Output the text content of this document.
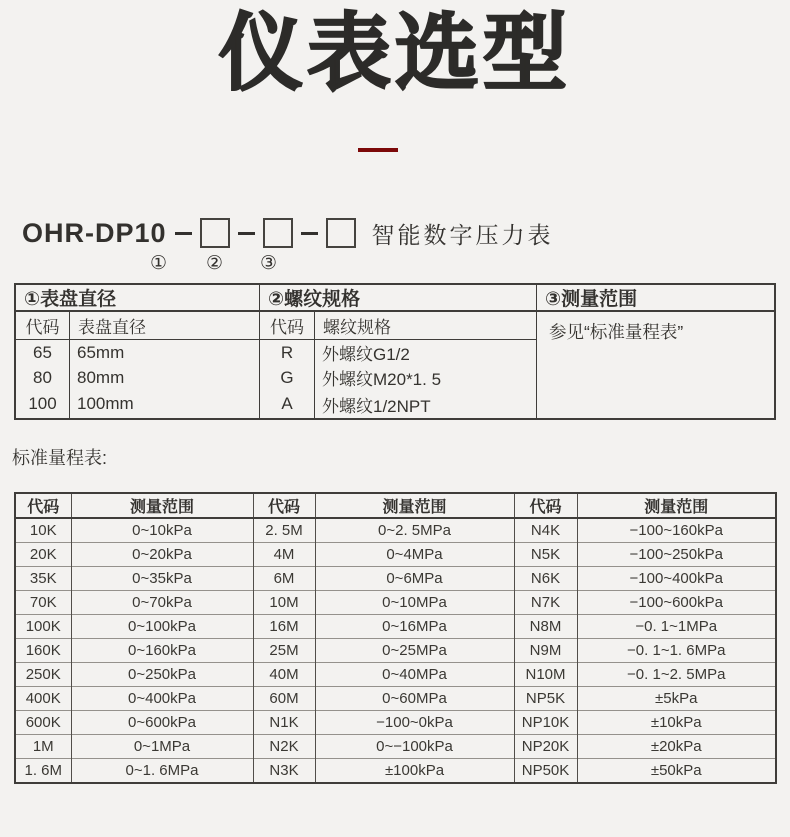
仪表选型
OHR-DP10	智能数字压力表
① ② ③
①表盘直径	②螺纹规格	③测量范围
代码	表盘直径	代码	螺纹规格	参见“标准量程表”
65	65mm	R	外螺纹G1/2
80	80mm	G	外螺纹M20*1. 5
100	100mm	A	外螺纹1/2NPT
标准量程表:
代码	测量范围	代码	测量范围	代码	测量范围
10K	0~10kPa	2. 5M	0~2. 5MPa	N4K	−100~160kPa
20K	0~20kPa	4M	0~4MPa	N5K	−100~250kPa
35K	0~35kPa	6M	0~6MPa	N6K	−100~400kPa
70K	0~70kPa	10M	0~10MPa	N7K	−100~600kPa
100K	0~100kPa	16M	0~16MPa	N8M	−0. 1~1MPa
160K	0~160kPa	25M	0~25MPa	N9M	−0. 1~1. 6MPa
250K	0~250kPa	40M	0~40MPa	N10M	−0. 1~2. 5MPa
400K	0~400kPa	60M	0~60MPa	NP5K	±5kPa
600K	0~600kPa	N1K	−100~0kPa	NP10K	±10kPa
1M	0~1MPa	N2K	0~−100kPa	NP20K	±20kPa
1. 6M	0~1. 6MPa	N3K	±100kPa	NP50K	±50kPa
